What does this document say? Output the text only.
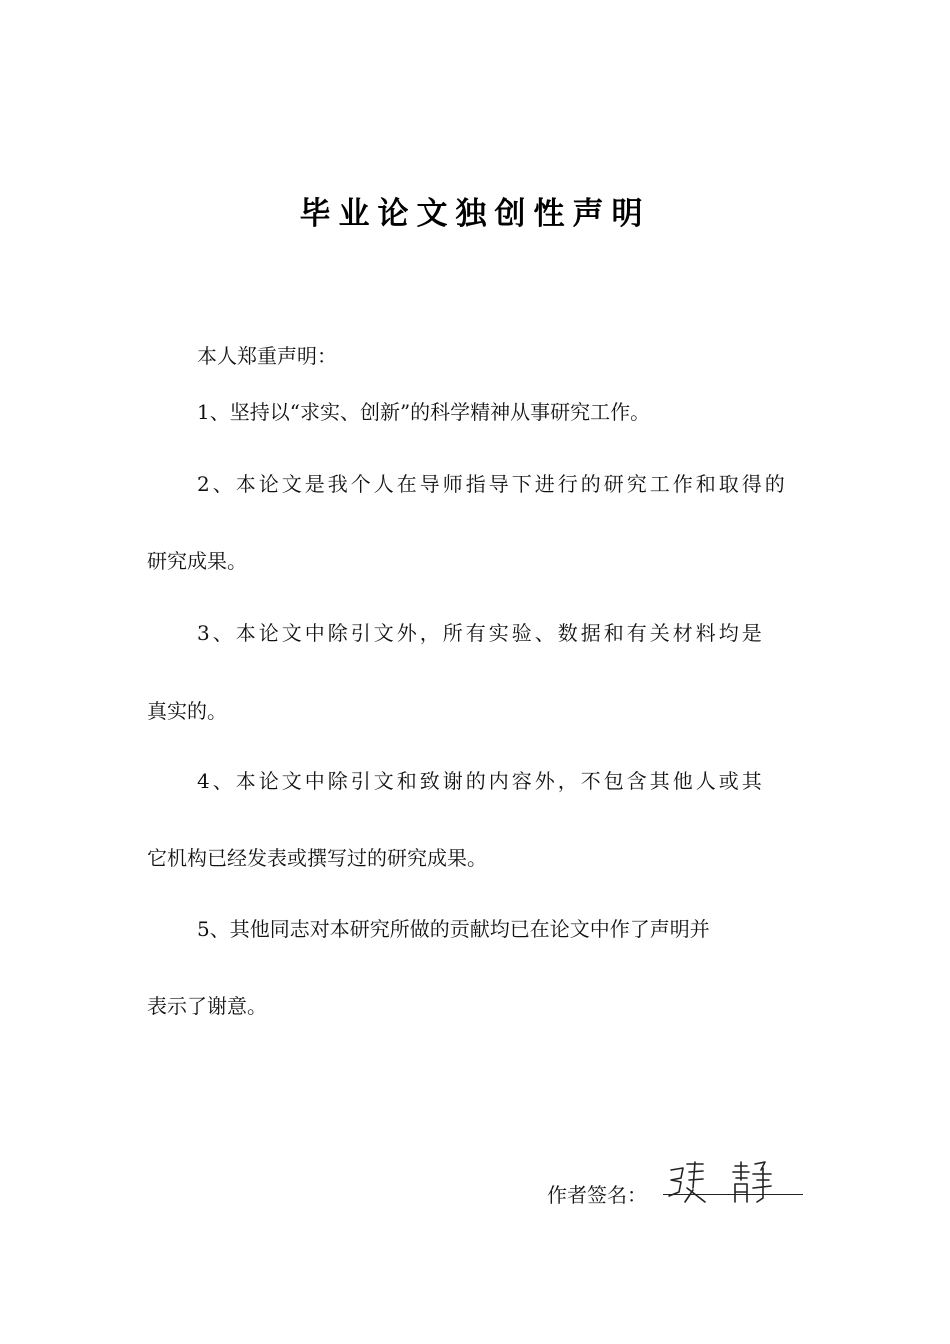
毕业论文独创性声明
本人郑重声明：
1、坚持以“求实、创新”的科学精神从事研究工作。
2、本论文是我个人在导师指导下进行的研究工作和取得的
研究成果。
3、本论文中除引文外，所有实验、数据和有关材料均是
真实的。
4、本论文中除引文和致谢的内容外，不包含其他人或其
它机构已经发表或撰写过的研究成果。
5、其他同志对本研究所做的贡献均已在论文中作了声明并
表示了谢意。
作者签名：
